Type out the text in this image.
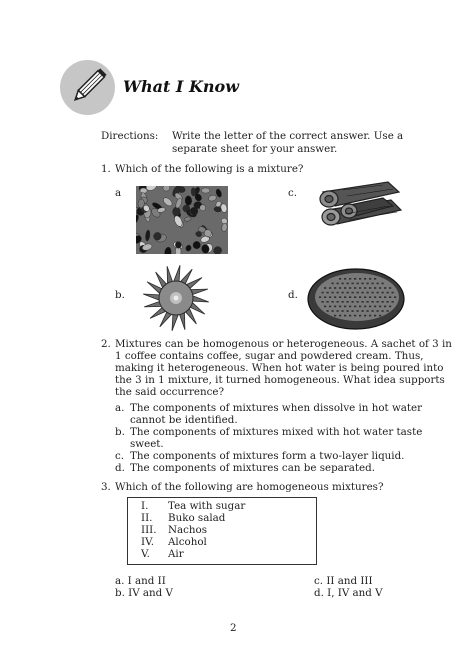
What I Know
Directions: Write the letter of the correct answer. Use a
separate sheet for your answer.
1. Which of the following is a mixture?
a	c.
b.	d.
2. Mixtures can be homogenous or heterogeneous. A sachet of 3 in
1 coffee contains coffee, sugar and powdered cream. Thus,
making it heterogeneous. When hot water is being poured into
the 3 in 1 mixture, it turned homogeneous. What idea supports
the said occurrence?
a. The components of mixtures when dissolve in hot water
cannot be identified.
b. The components of mixtures mixed with hot water taste
sweet.
c. The components of mixtures form a two-layer liquid.
d. The components of mixtures can be separated.
3. Which of the following are homogeneous mixtures?
I. Tea with sugar
II. Buko salad
III. Nachos
IV. Alcohol
V. Air
a. I and II	c. II and III
b. IV and V	d. I, IV and V
2
